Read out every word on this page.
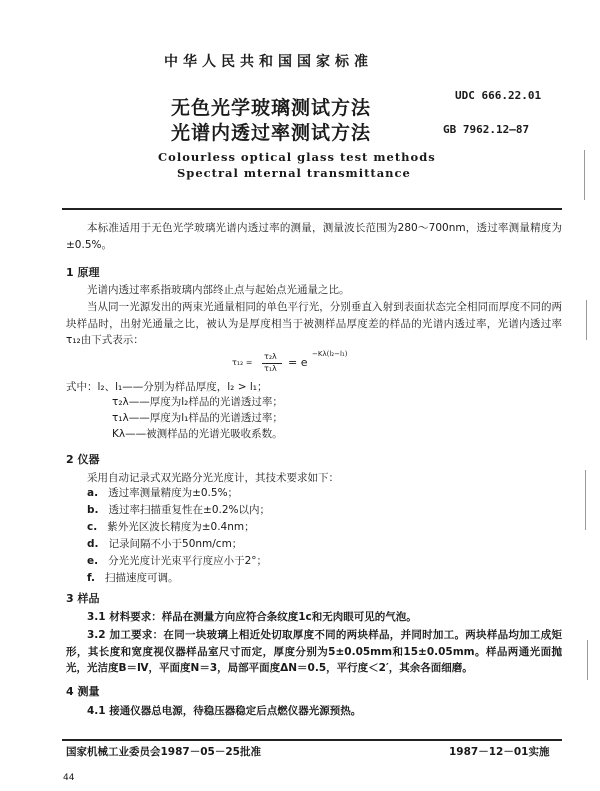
中华人民共和国国家标准
无色光学玻璃测试方法
光谱内透过率测试方法
UDC 666.22.01
GB 7962.12—87
Colourless optical glass test methods
Spectral mternal transmittance
本标准适用于无色光学玻璃光谱内透过率的测量，测量波长范围为280～700nm，透过率测量精度为±0.5%。
1 原理
光谱内透过率系指玻璃内部终止点与起始点光通量之比。
当从同一光源发出的两束光通量相同的单色平行光，分别垂直入射到表面状态完全相同而厚度不同的两块样品时，出射光通量之比，被认为是厚度相当于被测样品厚度差的样品的光谱内透过率，光谱内透过率τ₁₂由下式表示：
τ₁₂ =
τ₂λ
τ₁λ = e
−Kλ(l₂−l₁)
式中：l₂、l₁——分别为样品厚度，l₂ > l₁；
τ₂λ——厚度为l₂样品的光谱透过率；
τ₁λ——厚度为l₁样品的光谱透过率；
Kλ——被测样品的光谱光吸收系数。
2 仪器
采用自动记录式双光路分光光度计，其技术要求如下：
a. 透过率测量精度为±0.5%；
b. 透过率扫描重复性在±0.2%以内；
c. 紫外光区波长精度为±0.4nm；
d. 记录间隔不小于50nm/cm；
e. 分光光度计光束平行度应小于2°；
f. 扫描速度可调。
3 样品
3.1 材料要求：样品在测量方向应符合条纹度1c和无肉眼可见的气泡。
3.2 加工要求：在同一块玻璃上相近处切取厚度不同的两块样品，并同时加工。两块样品均加工成矩形，其长度和宽度视仪器样品室尺寸而定，厚度分别为5±0.05mm和15±0.05mm。样品两通光面抛光，光洁度B＝Ⅳ，平面度N＝3，局部平面度ΔN＝0.5，平行度＜2′，其余各面细磨。
4 测量
4.1 接通仪器总电源，待稳压器稳定后点燃仪器光源预热。
国家机械工业委员会1987－05－25批准	1987－12－01实施
44
